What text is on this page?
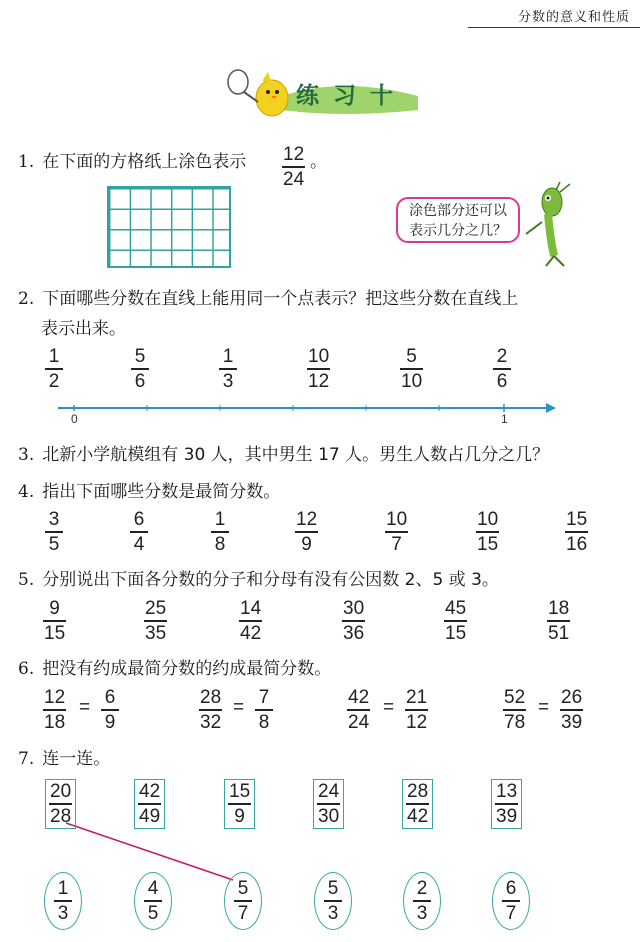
分数的意义和性质
练习十
1. 在下面的方格纸上涂色表示 12
24
。
涂色部分还可以
表示几分之几？
2. 下面哪些分数在直线上能用同一个点表示？把这些分数在直线上
表示出来。
1
2
5
6
1
3
10
12
5
10
2
6
0	1
3. 北新小学航模组有 30 人，其中男生 17 人。男生人数占几分之几？
4. 指出下面哪些分数是最简分数。
3
5
6
4
1
8
12
9
10
7
10
15
15
16
5. 分别说出下面各分数的分子和分母有没有公因数 2、5 或 3。
9
15
25
35
14
42
30
36
45
15
18
51
6. 把没有约成最简分数的约成最简分数。
12
18
= 6
9
28
32
= 7
8
42
24
= 21
12
52
78
= 26
39
7. 连一连。
20
28
42
49
15
9
24
30
28
42
13
39
1
3
4
5
5
7
5
3
2
3
6
7
